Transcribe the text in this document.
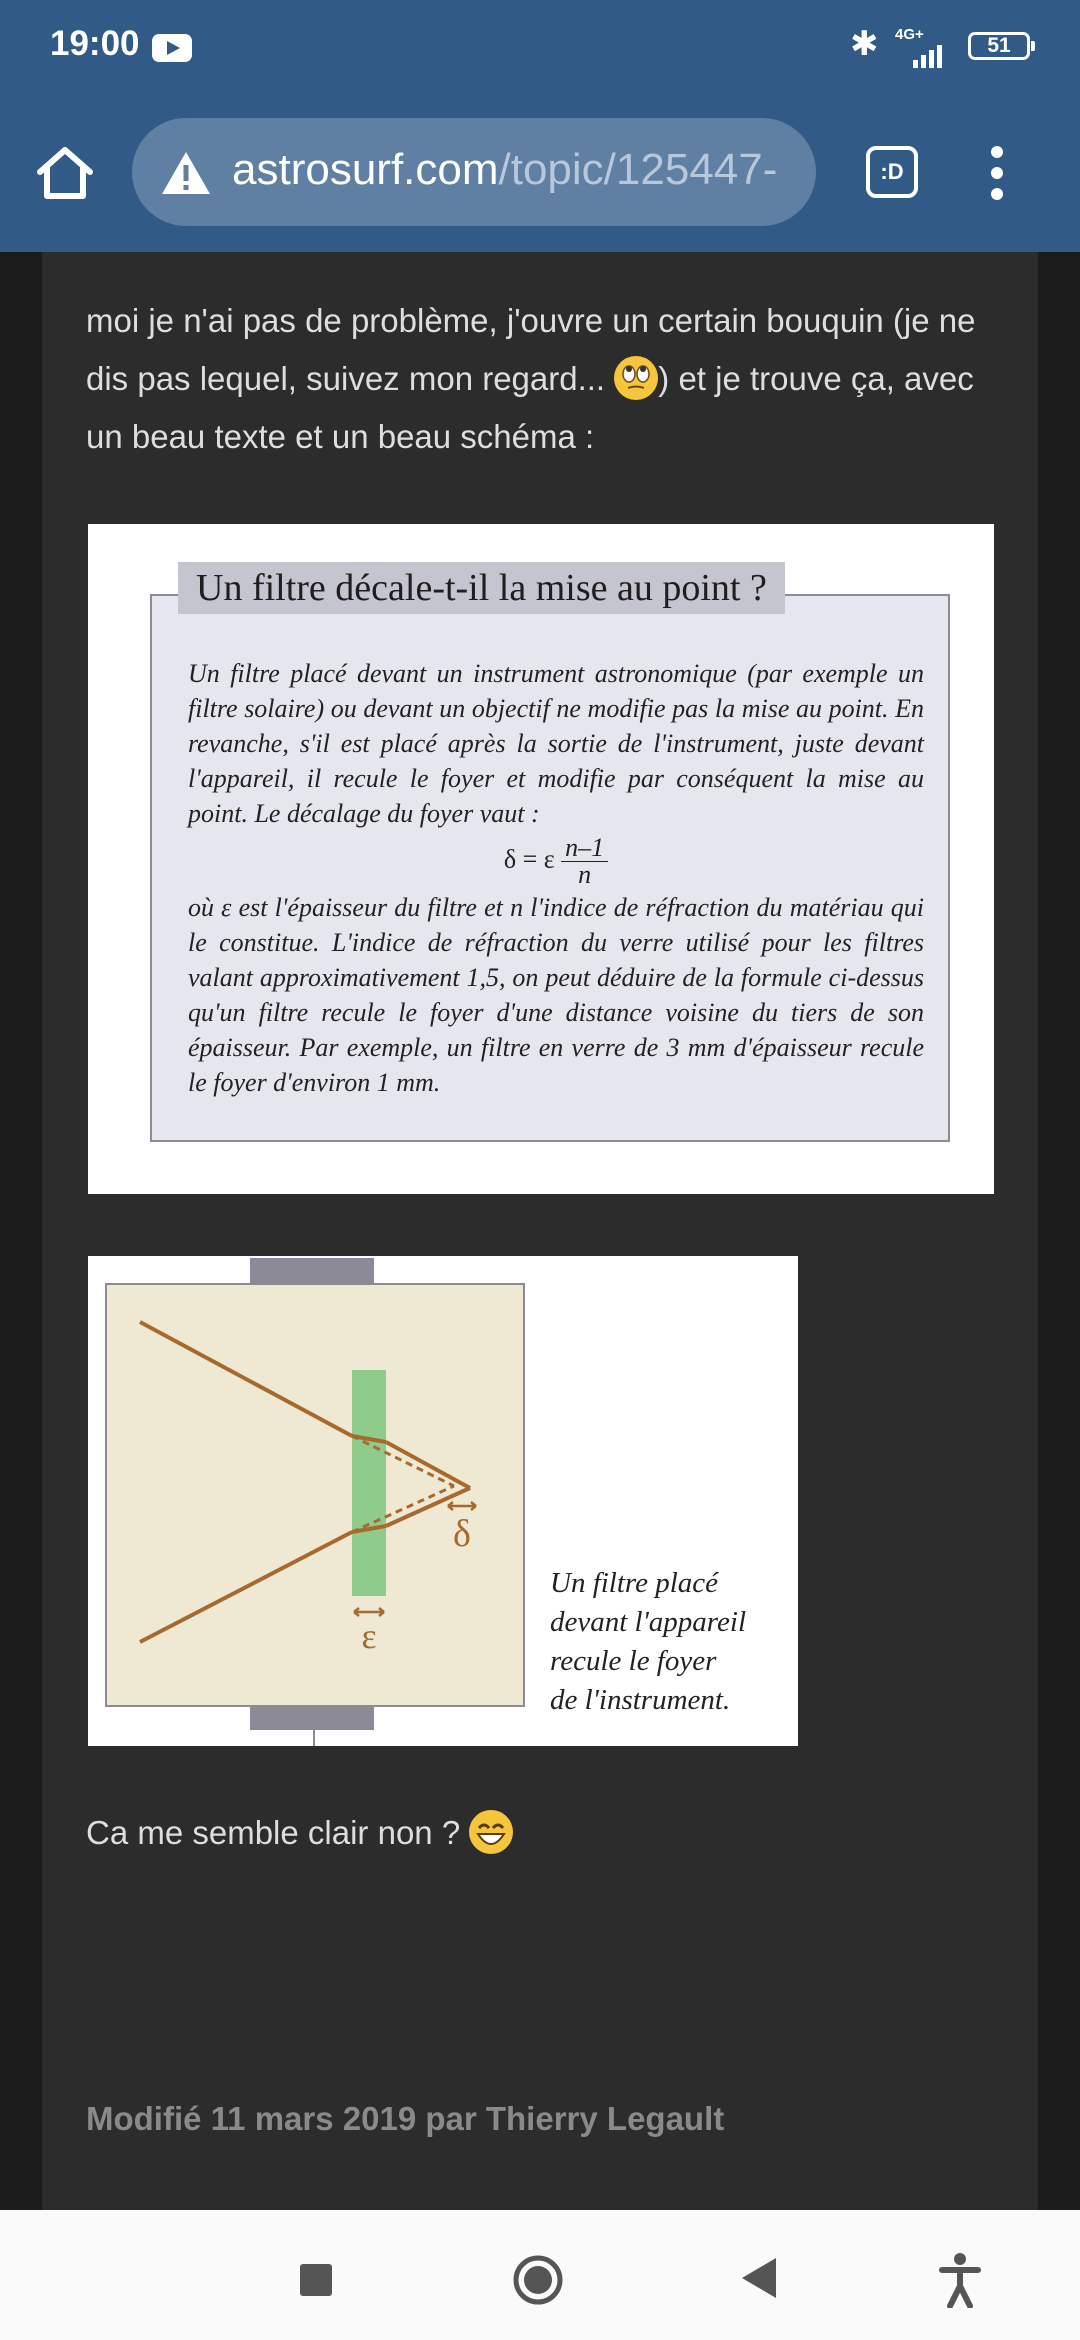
19:00	✱ 4G+	51
astrosurf.com/topic/125447-	:D
moi je n'ai pas de problème, j'ouvre un certain bouquin (je ne dis pas lequel, suivez mon regard... ) et je trouve ça, avec un beau texte et un beau schéma :
Un filtre placé devant un instrument astronomique (par exemple un filtre solaire) ou devant un objectif ne modifie pas la mise au point. En revanche, s'il est placé après la sortie de l'instrument, juste devant l'appareil, il recule le foyer et modifie par conséquent la mise au point. Le décalage du foyer vaut :
δ = ε $\frac{n-1}{n}$
où ε est l'épaisseur du filtre et n l'indice de réfraction du matériau qui le constitue. L'indice de réfraction du verre utilisé pour les filtres valant approximativement 1,5, on peut déduire de la formule ci-dessus qu'un filtre recule le foyer d'une distance voisine du tiers de son épaisseur. Par exemple, un filtre en verre de 3 mm d'épaisseur recule le foyer d'environ 1 mm.
Un filtre décale-t-il la mise au point ?
δ
ε
Un filtre placé
devant l'appareil
recule le foyer
de l'instrument.
Ca me semble clair non ?
Modifié 11 mars 2019 par Thierry Legault
